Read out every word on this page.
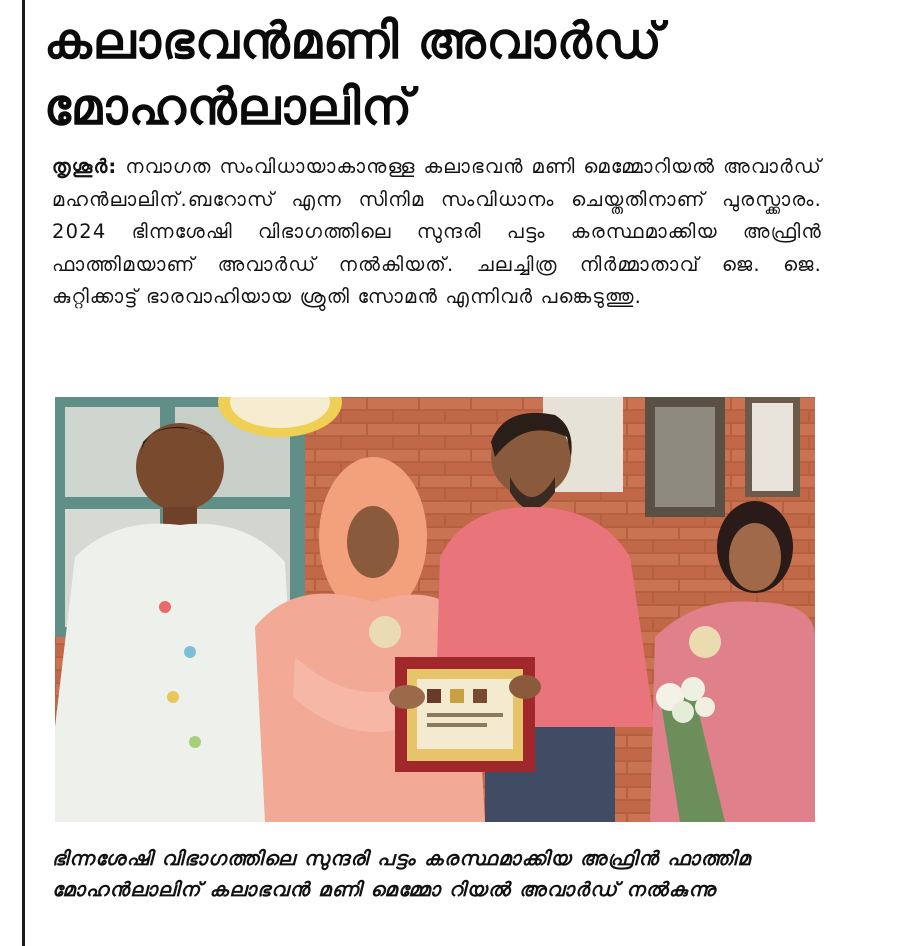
കലാഭവൻമണി അവാർഡ്
മോഹൻലാലിന്

തൃശൂർ: നവാഗത സംവിധായാകാനുള്ള കലാഭവൻ മണി മെമ്മോറിയൽ അവാർഡ് മഹൻലാലിന്.ബറോസ് എന്ന സിനിമ സംവിധാനം ചെയ്തതിനാണ് പുരസ്ക്കാരം. 2024 ഭിന്നശേഷി വിഭാഗത്തിലെ സുന്ദരി പട്ടം കരസ്ഥമാക്കിയ അഫ്രിൻ ഫാത്തിമയാണ് അവാർഡ് നൽകിയത്. ചലച്ചിത്ര നിർമ്മാതാവ് ജെ. ജെ. കുറ്റിക്കാട്ട് ഭാരവാഹിയായ ശ്രുതി സോമൻ എന്നിവർ പങ്കെടുത്തു.

ഭിന്നശേഷി വിഭാഗത്തിലെ സുന്ദരി പട്ടം കരസ്ഥമാക്കിയ അഫ്രിൻ ഫാത്തിമ മോഹൻലാലിന് കലാഭവൻ മണി മെമ്മോ റിയൽ അവാർഡ് നൽകുന്നു
